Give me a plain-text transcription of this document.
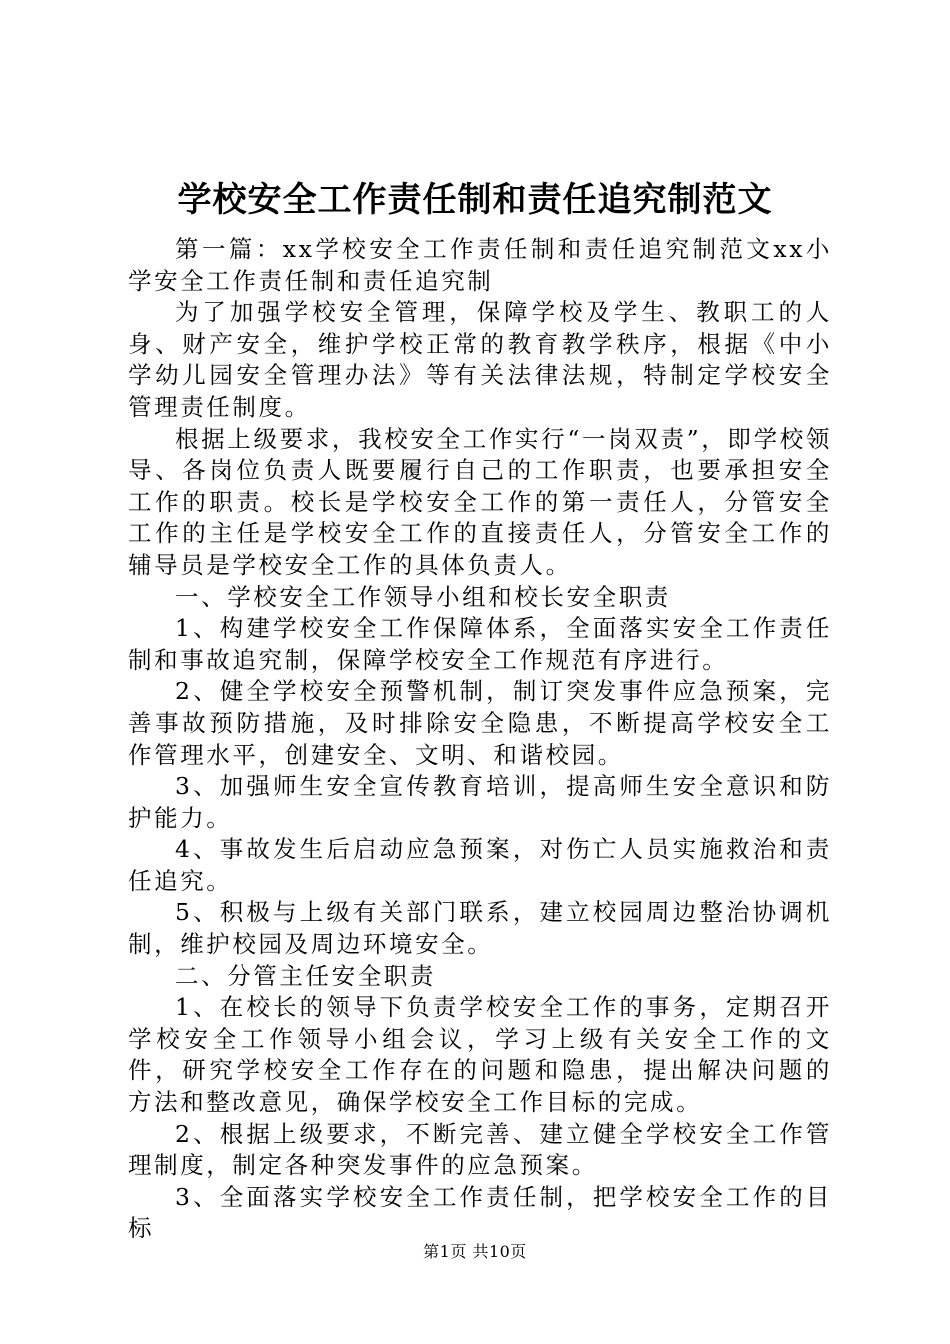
学校安全工作责任制和责任追究制范文

第一篇：xx学校安全工作责任制和责任追究制范文xx小学安全工作责任制和责任追究制

为了加强学校安全管理，保障学校及学生、教职工的人身、财产安全，维护学校正常的教育教学秩序，根据《中小学幼儿园安全管理办法》等有关法律法规，特制定学校安全管理责任制度。

根据上级要求，我校安全工作实行“一岗双责”，即学校领导、各岗位负责人既要履行自己的工作职责，也要承担安全工作的职责。校长是学校安全工作的第一责任人，分管安全工作的主任是学校安全工作的直接责任人，分管安全工作的辅导员是学校安全工作的具体负责人。

一、学校安全工作领导小组和校长安全职责

1、构建学校安全工作保障体系，全面落实安全工作责任制和事故追究制，保障学校安全工作规范有序进行。

2、健全学校安全预警机制，制订突发事件应急预案，完善事故预防措施，及时排除安全隐患，不断提高学校安全工作管理水平，创建安全、文明、和谐校园。

3、加强师生安全宣传教育培训，提高师生安全意识和防护能力。

4、事故发生后启动应急预案，对伤亡人员实施救治和责任追究。

5、积极与上级有关部门联系，建立校园周边整治协调机制，维护校园及周边环境安全。

二、分管主任安全职责

1、在校长的领导下负责学校安全工作的事务，定期召开学校安全工作领导小组会议，学习上级有关安全工作的文件，研究学校安全工作存在的问题和隐患，提出解决问题的方法和整改意见，确保学校安全工作目标的完成。

2、根据上级要求，不断完善、建立健全学校安全工作管理制度，制定各种突发事件的应急预案。

3、全面落实学校安全工作责任制，把学校安全工作的目标

第1页 共10页
